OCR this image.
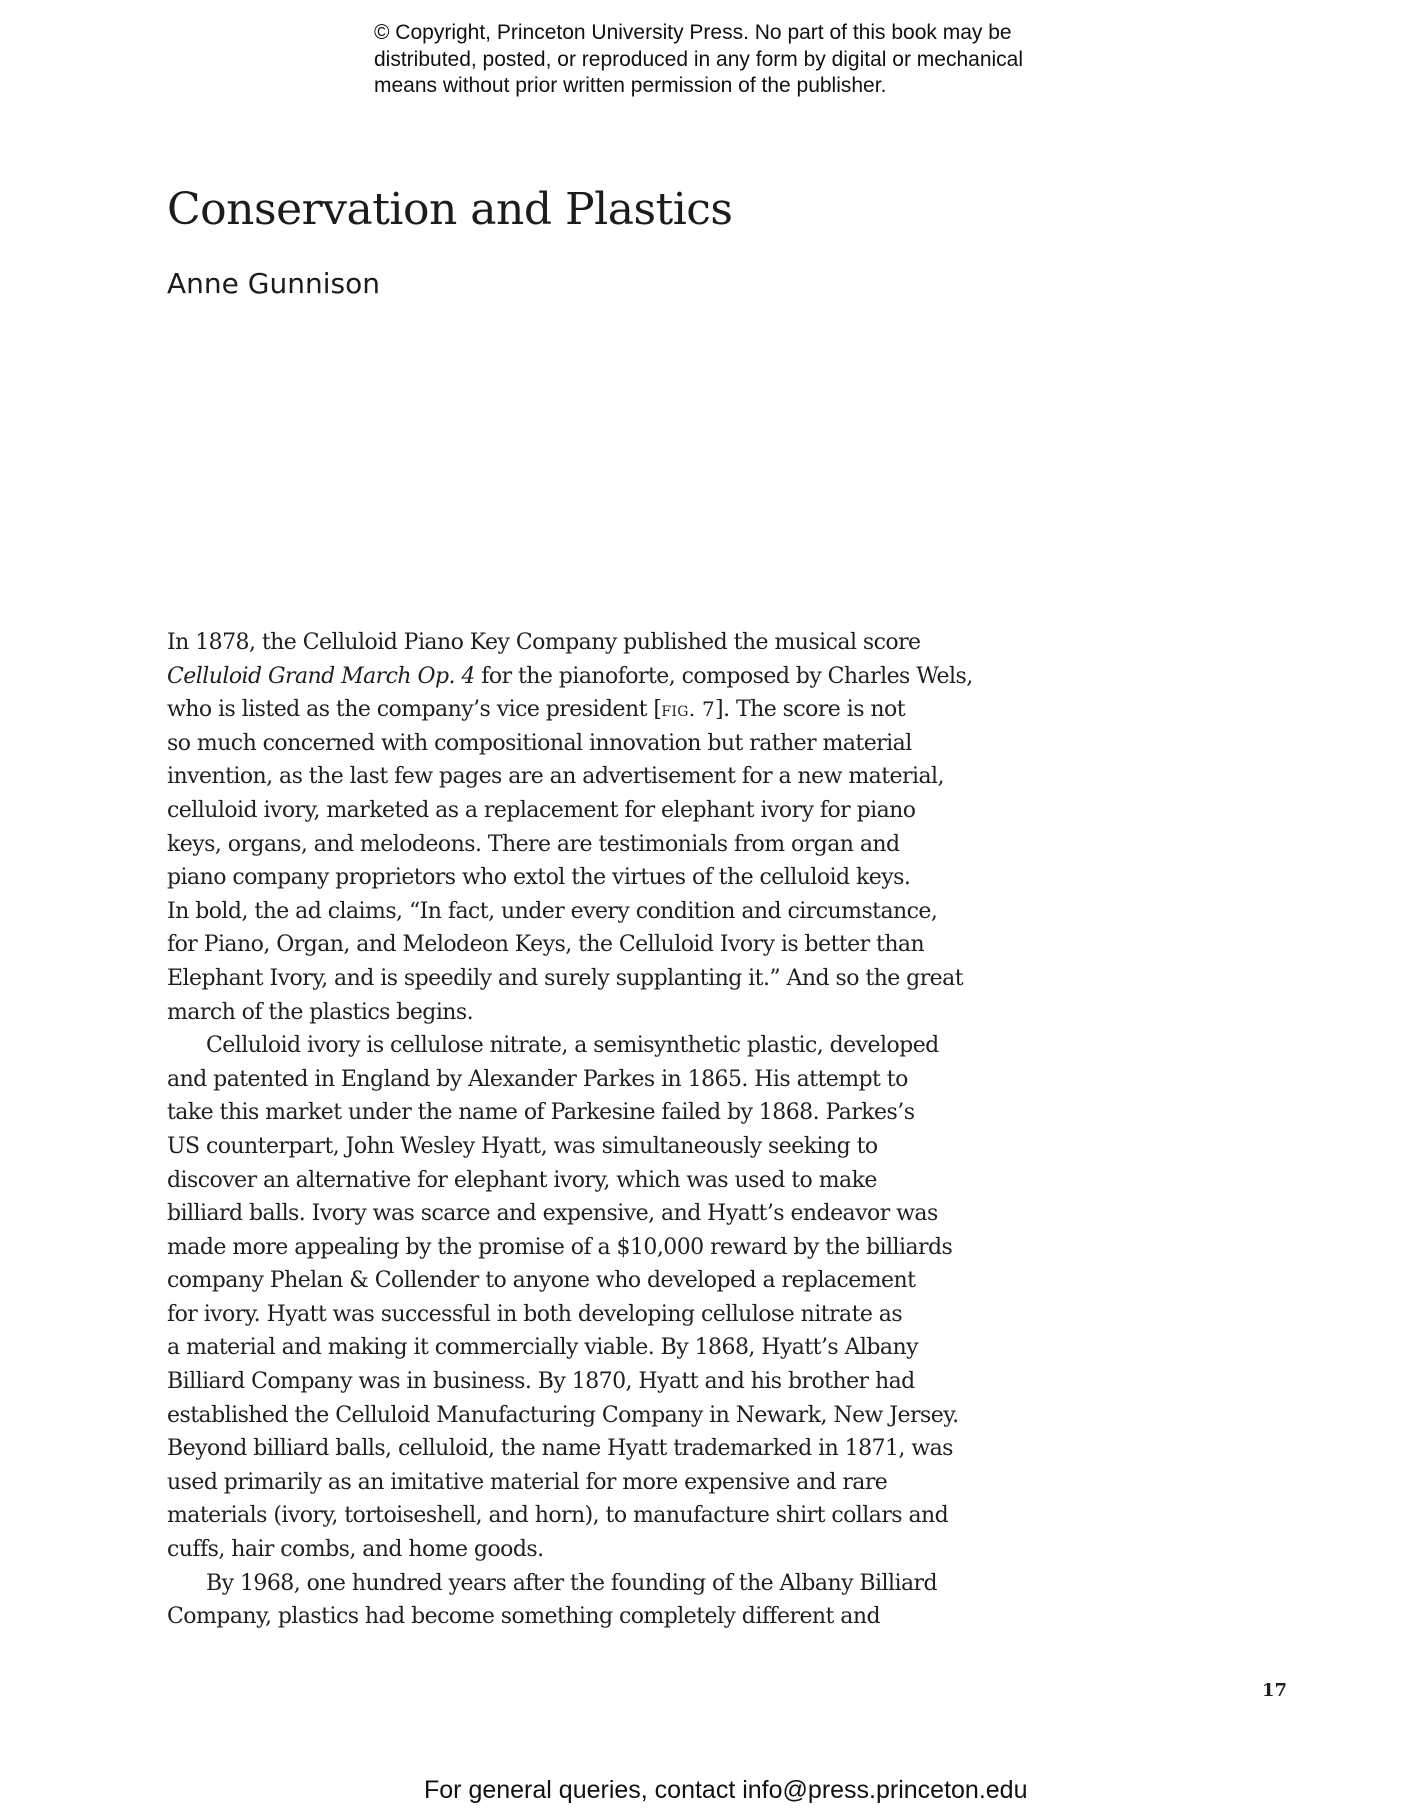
© Copyright, Princeton University Press. No part of this book may be
distributed, posted, or reproduced in any form by digital or mechanical
means without prior written permission of the publisher.
Conservation and Plastics
Anne Gunnison
In 1878, the Celluloid Piano Key Company published the musical score
Celluloid Grand March Op. 4 for the pianoforte, composed by Charles Wels,
who is listed as the company’s vice president [fig. 7]. The score is not
so much concerned with compositional innovation but rather material
invention, as the last few pages are an advertisement for a new material,
celluloid ivory, marketed as a replacement for elephant ivory for piano
keys, organs, and melodeons. There are testimonials from organ and
piano company proprietors who extol the virtues of the celluloid keys.
In bold, the ad claims, “In fact, under every condition and circumstance,
for Piano, Organ, and Melodeon Keys, the Celluloid Ivory is better than
Elephant Ivory, and is speedily and surely supplanting it.” And so the great
march of the plastics begins.
Celluloid ivory is cellulose nitrate, a semisynthetic plastic, developed
and patented in England by Alexander Parkes in 1865. His attempt to
take this market under the name of Parkesine failed by 1868. Parkes’s
US counterpart, John Wesley Hyatt, was simultaneously seeking to
discover an alternative for elephant ivory, which was used to make
billiard balls. Ivory was scarce and expensive, and Hyatt’s endeavor was
made more appealing by the promise of a $10,000 reward by the billiards
company Phelan & Collender to anyone who developed a replacement
for ivory. Hyatt was successful in both developing cellulose nitrate as
a material and making it commercially viable. By 1868, Hyatt’s Albany
Billiard Company was in business. By 1870, Hyatt and his brother had
established the Celluloid Manufacturing Company in Newark, New Jersey.
Beyond billiard balls, celluloid, the name Hyatt trademarked in 1871, was
used primarily as an imitative material for more expensive and rare
materials (ivory, tortoiseshell, and horn), to manufacture shirt collars and
cuffs, hair combs, and home goods.
By 1968, one hundred years after the founding of the Albany Billiard
Company, plastics had become something completely different and
17
For general queries, contact info@press.princeton.edu
